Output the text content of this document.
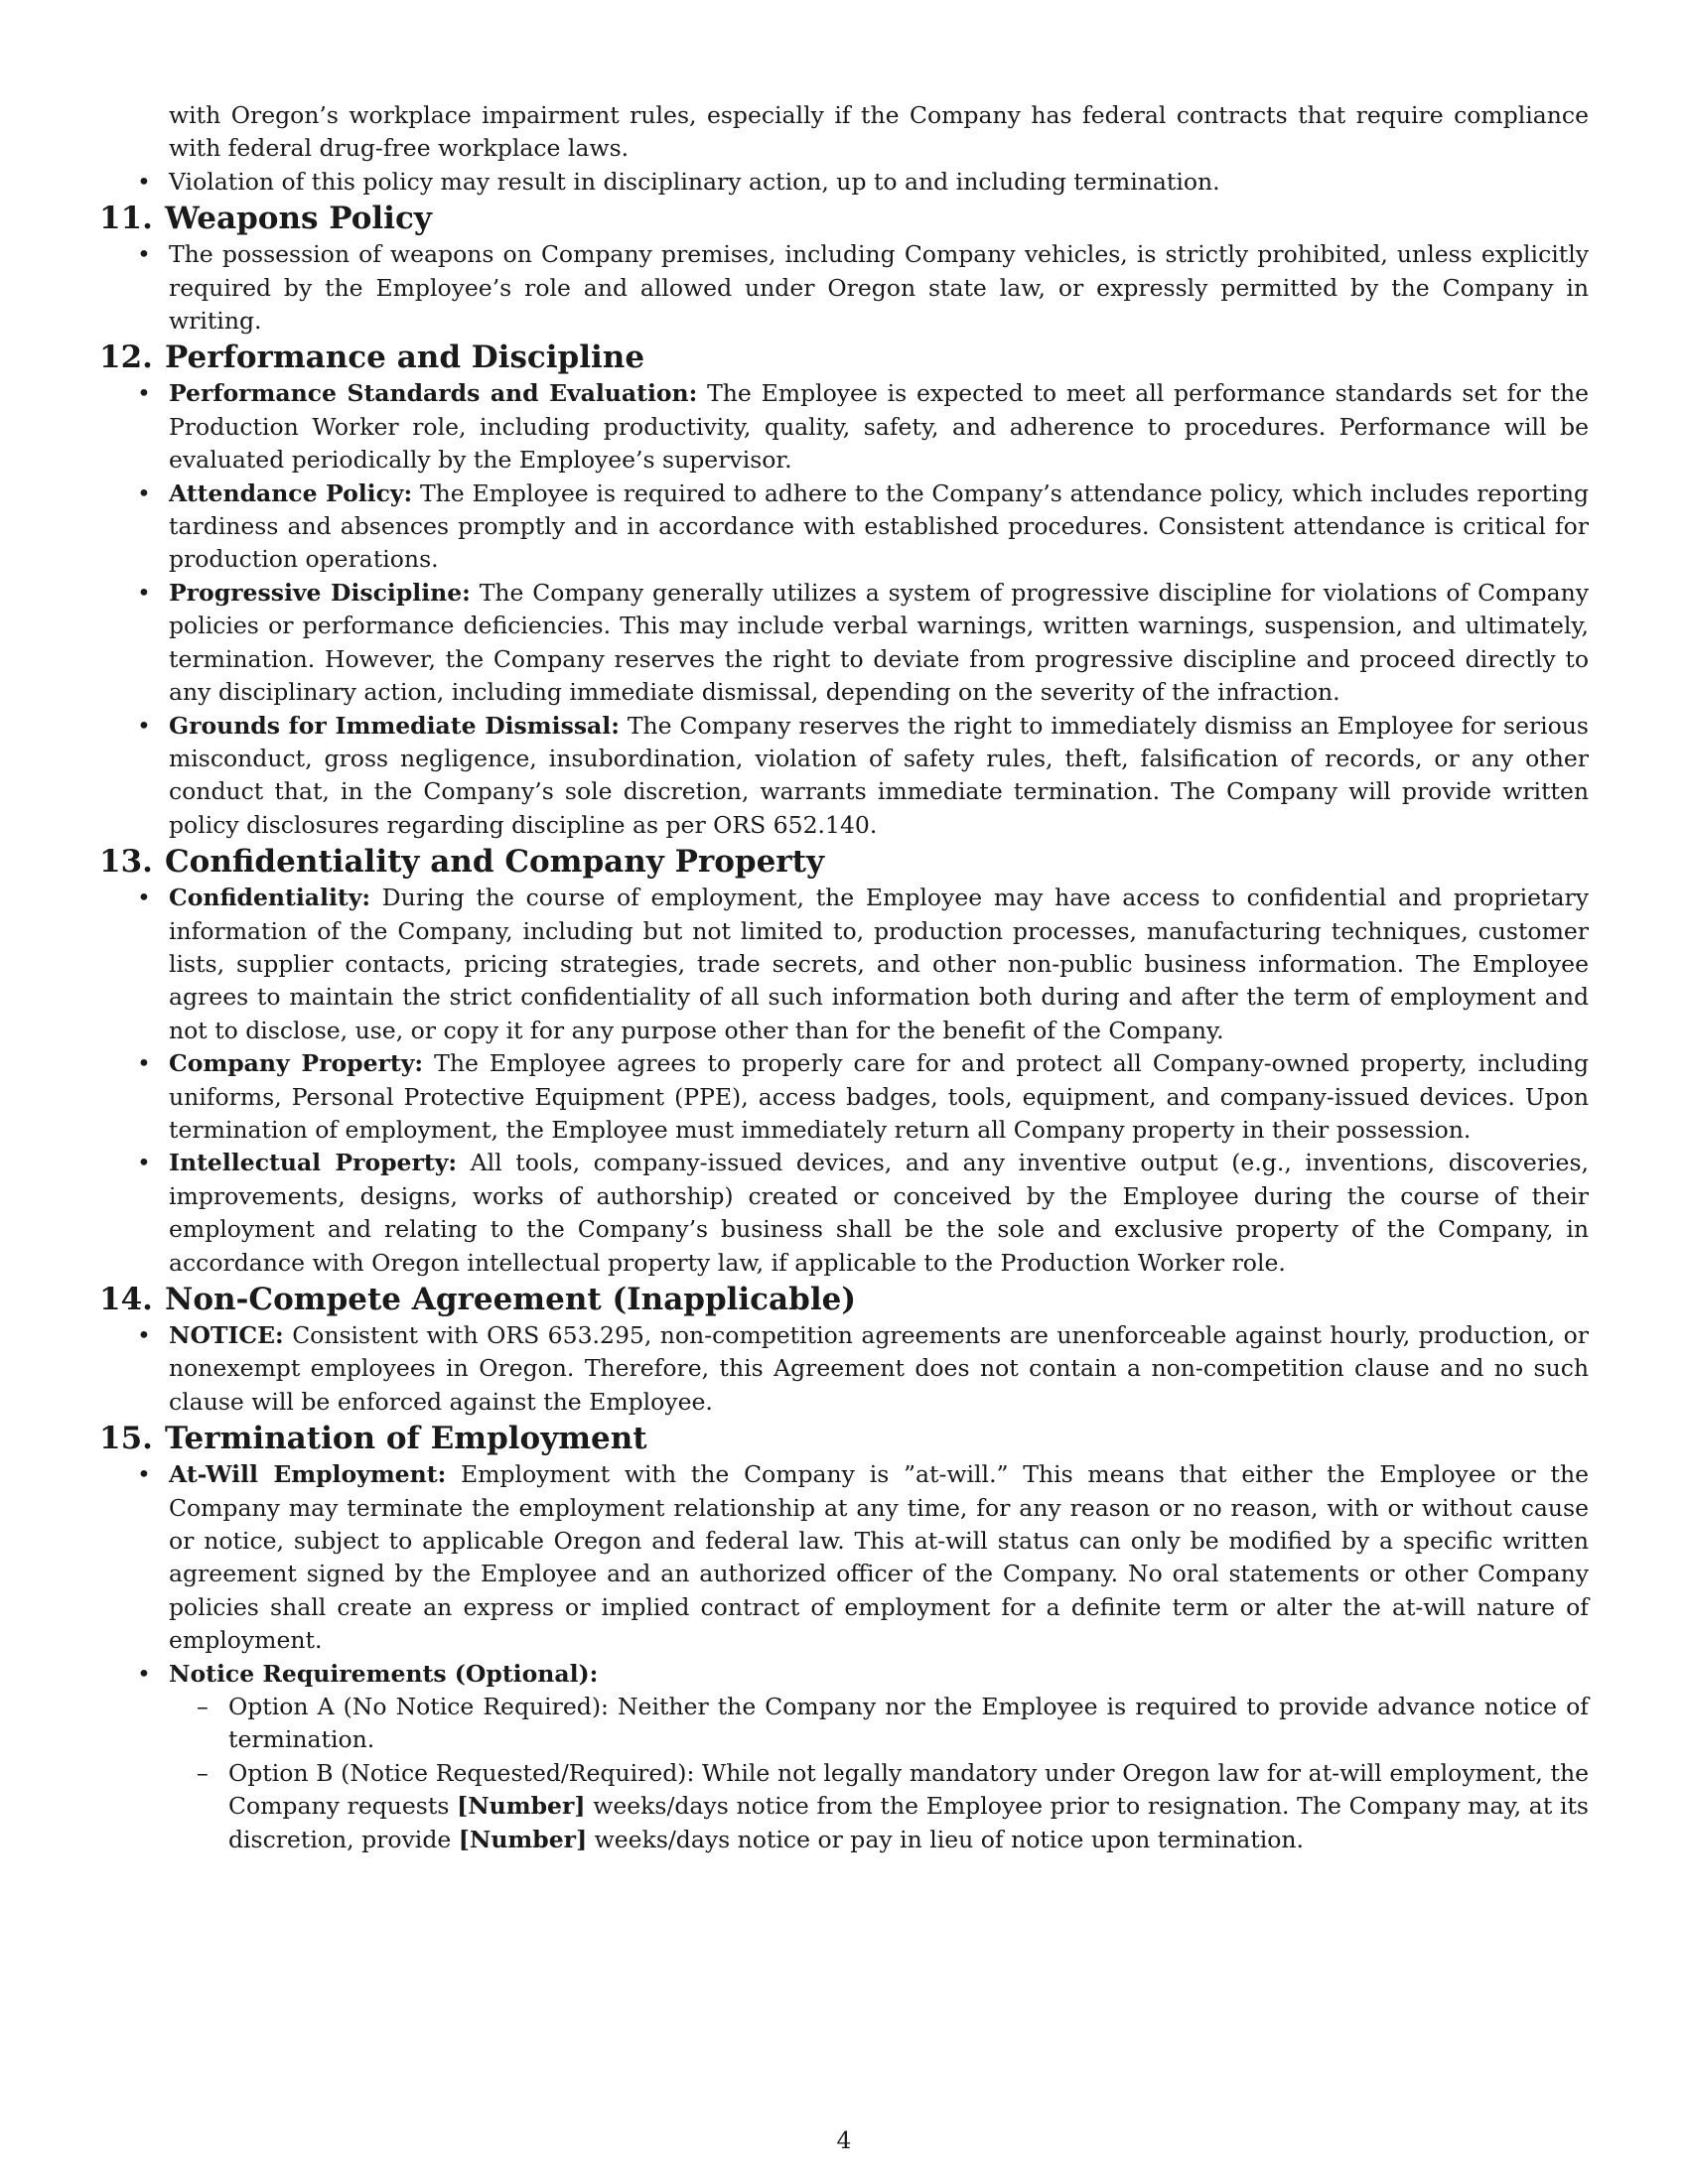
with Oregon’s workplace impairment rules, especially if the Company has federal contracts that require compliance with federal drug-free workplace laws.
• Violation of this policy may result in disciplinary action, up to and including termination.
11. Weapons Policy
• The possession of weapons on Company premises, including Company vehicles, is strictly prohibited, unless explicitly required by the Employee’s role and allowed under Oregon state law, or expressly permitted by the Company in writing.
12. Performance and Discipline
• Performance Standards and Evaluation: The Employee is expected to meet all performance standards set for the Production Worker role, including productivity, quality, safety, and adherence to procedures. Performance will be evaluated periodically by the Employee’s supervisor.
• Attendance Policy: The Employee is required to adhere to the Company’s attendance policy, which includes reporting tardiness and absences promptly and in accordance with established procedures. Consistent attendance is critical for production operations.
• Progressive Discipline: The Company generally utilizes a system of progressive discipline for violations of Company policies or performance deficiencies. This may include verbal warnings, written warnings, suspension, and ultimately, termination. However, the Company reserves the right to deviate from progressive discipline and proceed directly to any disciplinary action, including immediate dismissal, depending on the severity of the infraction.
• Grounds for Immediate Dismissal: The Company reserves the right to immediately dismiss an Employee for serious misconduct, gross negligence, insubordination, violation of safety rules, theft, falsification of records, or any other conduct that, in the Company’s sole discretion, warrants immediate termination. The Company will provide written policy disclosures regarding discipline as per ORS 652.140.
13. Confidentiality and Company Property
• Confidentiality: During the course of employment, the Employee may have access to confidential and proprietary information of the Company, including but not limited to, production processes, manufacturing techniques, customer lists, supplier contacts, pricing strategies, trade secrets, and other non-public business information. The Employee agrees to maintain the strict confidentiality of all such information both during and after the term of employment and not to disclose, use, or copy it for any purpose other than for the benefit of the Company.
• Company Property: The Employee agrees to properly care for and protect all Company-owned property, including uniforms, Personal Protective Equipment (PPE), access badges, tools, equipment, and company-issued devices. Upon termination of employment, the Employee must immediately return all Company property in their possession.
• Intellectual Property: All tools, company-issued devices, and any inventive output (e.g., inventions, discoveries, improvements, designs, works of authorship) created or conceived by the Employee during the course of their employment and relating to the Company’s business shall be the sole and exclusive property of the Company, in accordance with Oregon intellectual property law, if applicable to the Production Worker role.
14. Non-Compete Agreement (Inapplicable)
• NOTICE: Consistent with ORS 653.295, non-competition agreements are unenforceable against hourly, production, or nonexempt employees in Oregon. Therefore, this Agreement does not contain a non-competition clause and no such clause will be enforced against the Employee.
15. Termination of Employment
• At-Will Employment: Employment with the Company is ”at-will.” This means that either the Employee or the Company may terminate the employment relationship at any time, for any reason or no reason, with or without cause or notice, subject to applicable Oregon and federal law. This at-will status can only be modified by a specific written agreement signed by the Employee and an authorized officer of the Company. No oral statements or other Company policies shall create an express or implied contract of employment for a definite term or alter the at-will nature of employment.
• Notice Requirements (Optional):
– Option A (No Notice Required): Neither the Company nor the Employee is required to provide advance notice of termination.
– Option B (Notice Requested/Required): While not legally mandatory under Oregon law for at-will employment, the Company requests [Number] weeks/days notice from the Employee prior to resignation. The Company may, at its discretion, provide [Number] weeks/days notice or pay in lieu of notice upon termination.
4
